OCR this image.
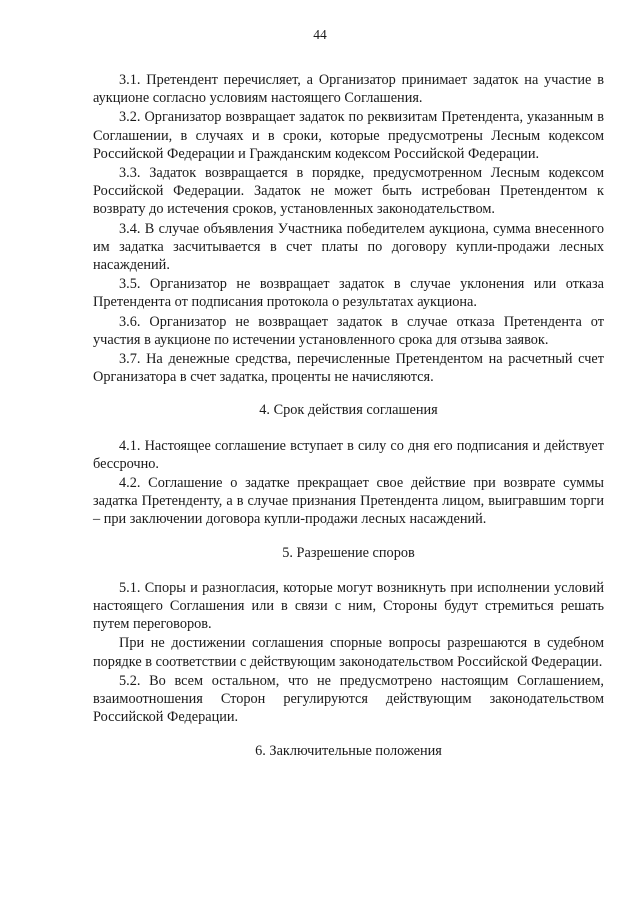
44

3.1. Претендент перечисляет, а Организатор принимает задаток на участие в аукционе согласно условиям настоящего Соглашения.

3.2. Организатор возвращает задаток по реквизитам Претендента, указанным в Соглашении, в случаях и в сроки, которые предусмотрены Лесным кодексом Российской Федерации и Гражданским кодексом Российской Федерации.

3.3. Задаток возвращается в порядке, предусмотренном Лесным кодексом Российской Федерации. Задаток не может быть истребован Претендентом к возврату до истечения сроков, установленных законодательством.

3.4. В случае объявления Участника победителем аукциона, сумма внесенного им задатка засчитывается в счет платы по договору купли-продажи лесных насаждений.

3.5. Организатор не возвращает задаток в случае уклонения или отказа Претендента от подписания протокола о результатах аукциона.

3.6. Организатор не возвращает задаток в случае отказа Претендента от участия в аукционе по истечении установленного срока для отзыва заявок.

3.7. На денежные средства, перечисленные Претендентом на расчетный счет Организатора в счет задатка, проценты не начисляются.

4. Срок действия соглашения

4.1. Настоящее соглашение вступает в силу со дня его подписания и действует бессрочно.

4.2. Соглашение о задатке прекращает свое действие при возврате суммы задатка Претенденту, а в случае признания Претендента лицом, выигравшим торги – при заключении договора купли-продажи лесных насаждений.

5. Разрешение споров

5.1. Споры и разногласия, которые могут возникнуть при исполнении условий настоящего Соглашения или в связи с ним, Стороны будут стремиться решать путем переговоров.

При не достижении соглашения спорные вопросы разрешаются в судебном порядке в соответствии с действующим законодательством Российской Федерации.

5.2. Во всем остальном, что не предусмотрено настоящим Соглашением, взаимоотношения Сторон регулируются действующим законодательством Российской Федерации.

6. Заключительные положения
